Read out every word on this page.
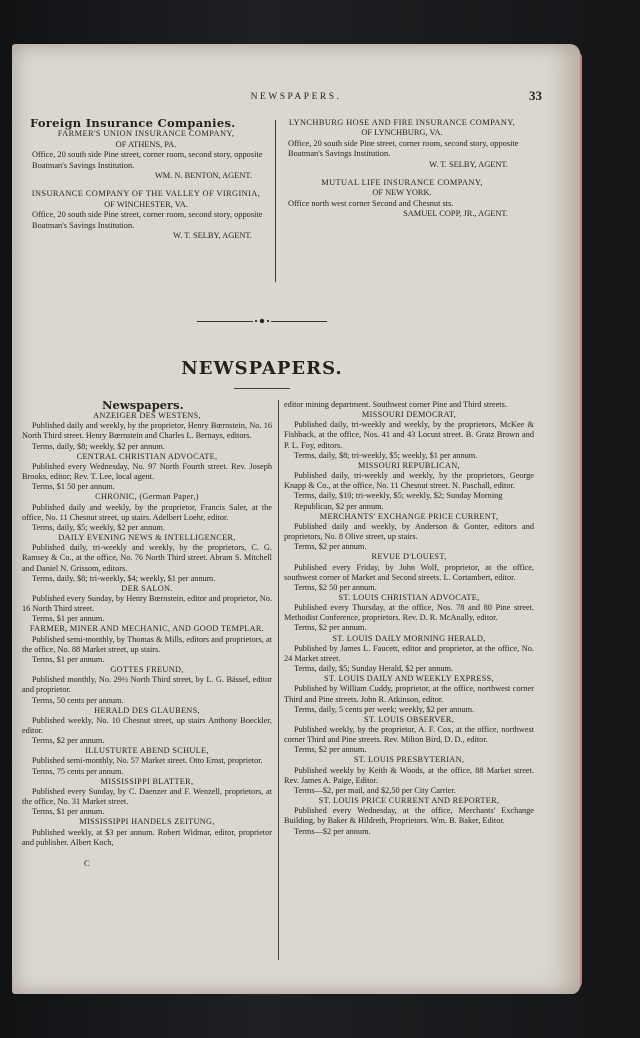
NEWSPAPERS.	33
Foreign Insurance Companies.
FARMER'S UNION INSURANCE COMPANY,
OF ATHENS, PA.
Office, 20 south side Pine street, corner room, second story, opposite Boatman's Savings Institution.
WM. N. BENTON, AGENT.
INSURANCE COMPANY OF THE VALLEY OF VIRGINIA,
OF WINCHESTER, VA.
Office, 20 south side Pine street, corner room, second story, opposite Boatman's Savings Institution.
W. T. SELBY, AGENT.
LYNCHBURG HOSE AND FIRE INSURANCE COMPANY,
OF LYNCHBURG, VA.
Office, 20 south side Pine street, corner room, second story, opposite Boatman's Savings Institution.
W. T. SELBY, AGENT.
MUTUAL LIFE INSURANCE COMPANY,
OF NEW YORK.
Office north west corner Second and Chesnut sts.
SAMUEL COPP, JR., AGENT.
NEWSPAPERS.
Newspapers.
ANZEIGER DES WESTENS,
Published daily and weekly, by the proprietor, Henry Bœrnstein, No. 16 North Third street. Henry Bœrnstein and Charles L. Bernays, editors.
Terms, daily, $8; weekly, $2 per annum.
CENTRAL CHRISTIAN ADVOCATE,
Published every Wednesday, No. 97 North Fourth street. Rev. Joseph Brooks, editor; Rev. T. Lee, local agent.
Terms, $1 50 per annum.
CHRONIC, (German Paper,)
Published daily and weekly, by the proprietor, Francis Saler, at the office, No. 11 Chesnut street, up stairs. Adelbert Loehr, editor.
Terms, daily, $5; weekly, $2 per annum.
DAILY EVENING NEWS & INTELLIGENCER,
Published daily, tri-weekly and weekly, by the proprietors, C. G. Ramsey & Co., at the office, No. 76 North Third street. Abram S. Mitchell and Daniel N. Grissom, editors.
Terms, daily, $8; tri-weekly, $4; weekly, $1 per annum.
DER SALON.
Published every Sunday, by Henry Bœrnstein, editor and proprietor, No. 16 North Third street.
Terms, $1 per annum.
FARMER, MINER AND MECHANIC, AND GOOD TEMPLAR.
Published semi-monthly, by Thomas & Mills, editors and proprietors, at the office, No. 88 Market street, up stairs.
Terms, $1 per annum.
GOTTES FREUND,
Published monthly, No. 29½ North Third street, by L. G. Bässel, editor and proprietor.
Terms, 50 cents per annum.
HERALD DES GLAUBENS,
Published weekly, No. 10 Chesnut street, up stairs Anthony Boeckler, editor.
Terms, $2 per annum.
ILLUSTURTE ABEND SCHULE,
Published semi-monthly, No. 57 Market street. Otto Ernst, proprietor.
Terms, 75 cents per annum.
MISSISSIPPI BLATTER,
Published every Sunday, by C. Daenzer and F. Wenzell, proprietors, at the office, No. 31 Market street.
Terms, $1 per annum.
MISSISSIPPI HANDELS ZEITUNG,
Published weekly, at $3 per annum. Robert Widmar, editor, proprietor and publisher. Albert Koch,
C
editor mining department. Southwest corner Pine and Third streets.
MISSOURI DEMOCRAT,
Published daily, tri-weekly and weekly, by the proprietors, McKee & Fishback, at the office, Nos. 41 and 43 Locust street. B. Gratz Brown and P. L. Foy, editors.
Terms, daily, $8; tri-weekly, $5; weekly, $1 per annum.
MISSOURI REPUBLICAN,
Published daily, tri-weekly and weekly, by the proprietors, George Knapp & Co., at the office, No. 11 Chesnut street. N. Paschall, editor.
Terms, daily, $10; tri-weekly, $5; weekly, $2; Sunday Morning Republican, $2 per annum.
MERCHANTS' EXCHANGE PRICE CURRENT,
Published daily and weekly, by Anderson & Gonter, editors and proprietors, No. 8 Olive street, up stairs.
Terms, $2 per annum.
REVUE D'LOUEST,
Published every Friday, by John Wolf, proprietor, at the office, southwest corner of Market and Second streets. L. Cortambert, editor.
Terms, $2 50 per annum.
ST. LOUIS CHRISTIAN ADVOCATE,
Published every Thursday, at the office, Nos. 78 and 80 Pine street. Methodist Conference, proprietors. Rev. D. R. McAnally, editor.
Terms, $2 per annum.
ST. LOUIS DAILY MORNING HERALD,
Published by James L. Faucett, editor and proprietor, at the office, No. 24 Market street.
Terms, daily, $5; Sunday Herald, $2 per annum.
ST. LOUIS DAILY AND WEEKLY EXPRESS,
Published by William Cuddy, proprietor, at the office, northwest corner Third and Pine streets. John R. Atkinson, editor.
Terms, daily, 5 cents per week; weekly, $2 per annum.
ST. LOUIS OBSERVER,
Published weekly, by the proprietor, A. F. Cox, at the office, northwest corner Third and Pine streets. Rev. Milton Bird, D. D., editor.
Terms, $2 per annum.
ST. LOUIS PRESBYTERIAN,
Published weekly by Keith & Woods, at the office, 88 Market street. Rev. James A. Paige, Editor.
Terms—$2, per mail, and $2,50 per City Carrier.
ST. LOUIS PRICE CURRENT AND REPORTER,
Published every Wednesday, at the office, Merchants' Exchange Building, by Baker & Hildreth, Proprietors. Wm. B. Baker, Editor.
Terms—$2 per annum.
